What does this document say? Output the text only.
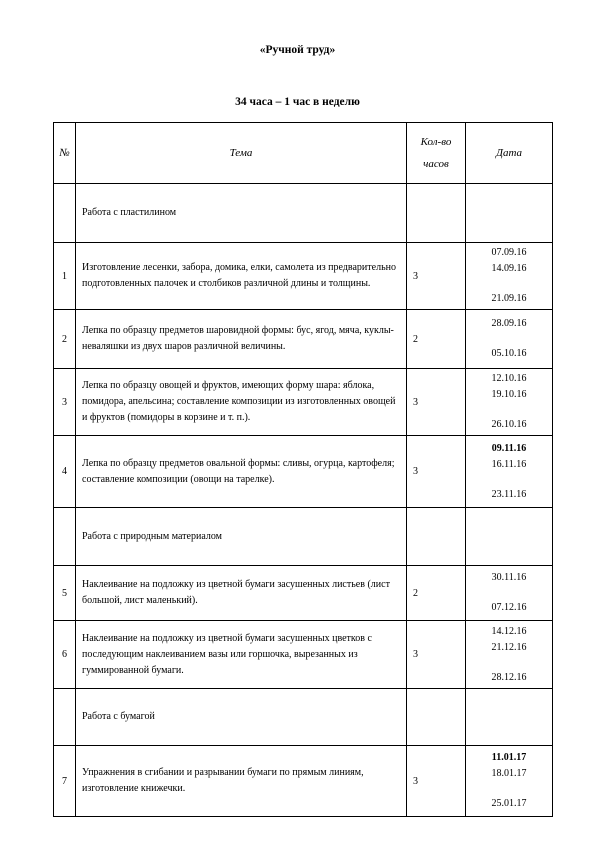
«Ручной труд»
34 часа – 1 час в неделю
№	Тема	Кол-во
часов	Дата

	Работа с пластилином		

1	Изготовление лесенки, забора, домика, елки, самолета из предварительно подготовленных палочек и столбиков различной длины и толщины.	3	07.09.16
14.09.16
21.09.16

2	Лепка по образцу предметов шаровидной формы: бус, ягод, мяча, куклы-неваляшки из двух шаров различной величины.	2	28.09.16
05.10.16

3	Лепка по образцу овощей и фруктов, имеющих форму шара: яблока, помидора, апельсина; составление композиции из изготовленных овощей и фруктов (помидоры в корзине и т. п.).	3	12.10.16
19.10.16
26.10.16

4	Лепка по образцу предметов овальной формы: сливы, огурца, картофеля; составление композиции (овощи на тарелке).	3	09.11.16
16.11.16
23.11.16

	Работа с природным материалом		

5	Наклеивание на подложку из цветной бумаги засушенных листьев (лист большой, лист маленький).	2	30.11.16
07.12.16

6	Наклеивание на подложку из цветной бумаги засушенных цветков с последующим наклеиванием вазы или горшочка, вырезанных из гуммированной бумаги.	3	14.12.16
21.12.16
28.12.16

	Работа с бумагой		

7	Упражнения в сгибании и разрывании бумаги по прямым линиям, изготовление книжечки.	3	11.01.17
18.01.17
25.01.17
